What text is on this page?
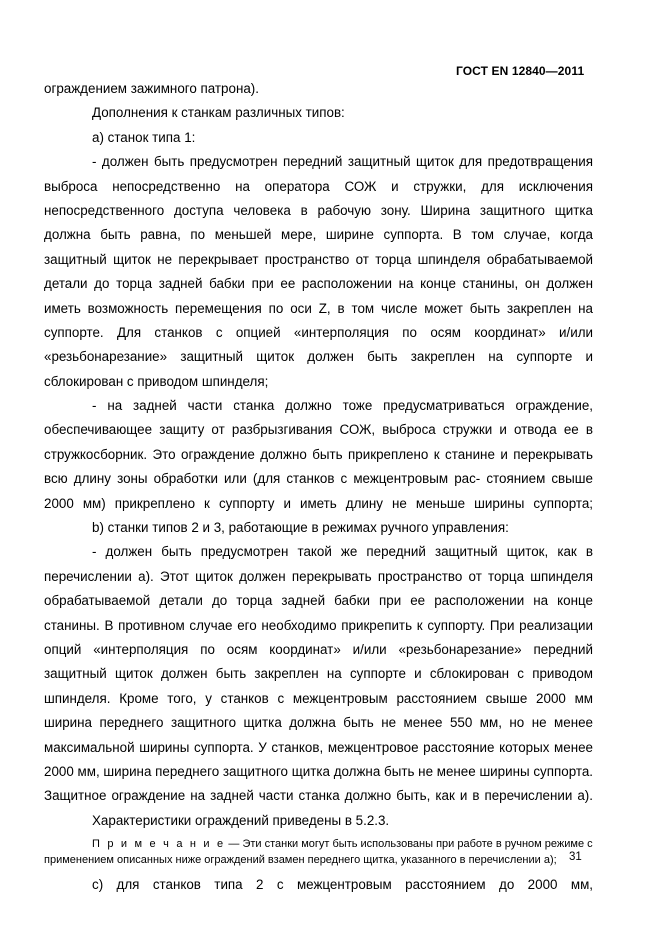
ГОСТ EN 12840—2011
ограждением зажимного патрона).
Дополнения к станкам различных типов:
а) станок типа 1:
- должен быть предусмотрен передний защитный щиток для предотвращения
выброса непосредственно на оператора СОЖ и стружки, для исключения
непосредственного доступа человека в рабочую зону. Ширина защитного щитка
должна быть равна, по меньшей мере, ширине суппорта. В том случае, когда
защитный щиток не перекрывает пространство от торца шпинделя обрабатываемой
детали до торца задней бабки при ее расположении на конце станины, он должен
иметь возможность перемещения по оси Z, в том числе может быть закреплен на
суппорте. Для станков с опцией «интерполяция по осям координат» и/или
«резьбонарезание» защитный щиток должен быть закреплен на суппорте и
сблокирован с приводом шпинделя;
- на задней части станка должно тоже предусматриваться ограждение,
обеспечивающее защиту от разбрызгивания СОЖ, выброса стружки и отвода ее в
стружкосборник. Это ограждение должно быть прикреплено к станине и перекрывать
всю длину зоны обработки или (для станков с межцентровым рас- стоянием свыше
2000 мм) прикреплено к суппорту и иметь длину не меньше ширины суппорта;
b) станки типов 2 и 3, работающие в режимах ручного управления:
- должен быть предусмотрен такой же передний защитный щиток, как в
перечислении а). Этот щиток должен перекрывать пространство от торца шпинделя
обрабатываемой детали до торца задней бабки при ее расположении на конце
станины. В противном случае его необходимо прикрепить к суппорту. При реализации
опций «интерполяция по осям координат» и/или «резьбонарезание» передний
защитный щиток должен быть закреплен на суппорте и сблокирован с приводом
шпинделя. Кроме того, у станков с межцентровым расстоянием свыше 2000 мм
ширина переднего защитного щитка должна быть не менее 550 мм, но не менее
максимальной ширины суппорта. У станков, межцентровое расстояние которых менее
2000 мм, ширина переднего защитного щитка должна быть не менее ширины суппорта.
Защитное ограждение на задней части станка должно быть, как и в перечислении а).
Характеристики ограждений приведены в 5.2.3.
П р и м е ч а н и е — Эти станки могут быть использованы при работе в ручном режиме с
применением описанных ниже ограждений взамен переднего щитка, указанного в перечислении а);
c) для станков типа 2 с межцентровым расстоянием до 2000 мм,
31
